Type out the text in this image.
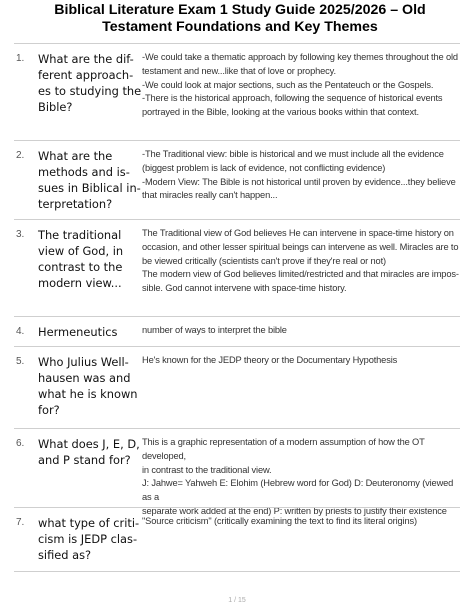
Biblical Literature Exam 1 Study Guide 2025/2026 – Old
Testament Foundations and Key Themes
1. What are the dif-
ferent approach-
es to studying the
Bible?
-We could take a thematic approach by following key themes throughout the old
testament and new...like that of love or prophecy.
-We could look at major sections, such as the Pentateuch or the Gospels.
-There is the historical approach, following the sequence of historical events
portrayed in the Bible, looking at the various books within that context.
2. What are the
methods and is-
sues in Biblical in-
terpretation?
-The Traditional view: bible is historical and we must include all the evidence
(biggest problem is lack of evidence, not conflicting evidence)
-Modern View: The Bible is not historical until proven by evidence...they believe
that miracles really can't happen...
3. The traditional
view of God, in
contrast to the
modern view...
The Traditional view of God believes He can intervene in space-time history on
occasion, and other lesser spiritual beings can intervene as well. Miracles are to
be viewed critically (scientists can't prove if they're real or not)
The modern view of God believes limited/restricted and that miracles are impos-
sible. God cannot intervene with space-time history.
4. Hermeneutics	number of ways to interpret the bible
5. Who Julius Well-
hausen was and
what he is known
for?
He's known for the JEDP theory or the Documentary Hypothesis
6. What does J, E, D,
and P stand for?
This is a graphic representation of a modern assumption of how the OT developed,
in contrast to the traditional view.
J: Jahwe= Yahweh E: Elohim (Hebrew word for God) D: Deuteronomy (viewed as a
separate work added at the end) P: written by priests to justify their existence
7. what type of criti-
cism is JEDP clas-
sified as?
"Source criticism" (critically examining the text to find its literal origins)
1 / 15
